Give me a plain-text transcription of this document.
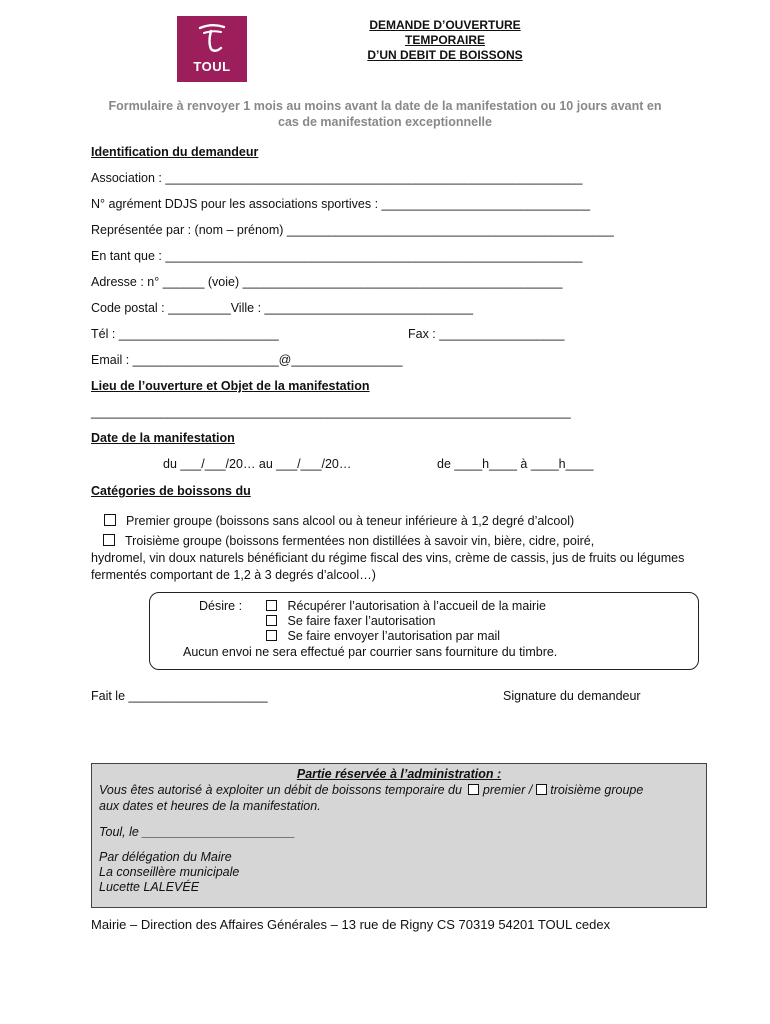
TOUL
DEMANDE D’OUVERTURE
TEMPORAIRE
D’UN DEBIT DE BOISSONS
Formulaire à renvoyer 1 mois au moins avant la date de la manifestation ou 10 jours avant en
cas de manifestation exceptionnelle
Identification du demandeur
Association : ____________________________________________________________
N° agrément DDJS pour les associations sportives : ______________________________
Représentée par : (nom – prénom) _______________________________________________
En tant que : ____________________________________________________________
Adresse : n° ______ (voie) ______________________________________________
Code postal : _________Ville : ______________________________
Tél : _______________________	Fax : __________________
Email : _____________________@________________
Lieu de l’ouverture et Objet de la manifestation
_____________________________________________________________________
Date de la manifestation
du ___/___/20… au ___/___/20…	de ____h____ à ____h____
Catégories de boissons du
Premier groupe (boissons sans alcool ou à teneur inférieure à 1,2 degré d’alcool)
Troisième groupe (boissons fermentées non distillées à savoir vin, bière, cidre, poiré,
hydromel, vin doux naturels bénéficiant du régime fiscal des vins, crème de cassis, jus de fruits ou légumes fermentés comportant de 1,2 à 3 degrés d’alcool…)
Désire :	Récupérer l’autorisation à l’accueil de la mairie
Se faire faxer l’autorisation
Se faire envoyer l’autorisation par mail
Aucun envoi ne sera effectué par courrier sans fourniture du timbre.
Fait le ____________________	Signature du demandeur
Partie réservée à l’administration :
Vous êtes autorisé à exploiter un débit de boissons temporaire du premier / troisième groupe
aux dates et heures de la manifestation.
Toul, le ______________________
Par délégation du Maire
La conseillère municipale
Lucette LALEVÉE
Mairie – Direction des Affaires Générales – 13 rue de Rigny CS 70319 54201 TOUL cedex
